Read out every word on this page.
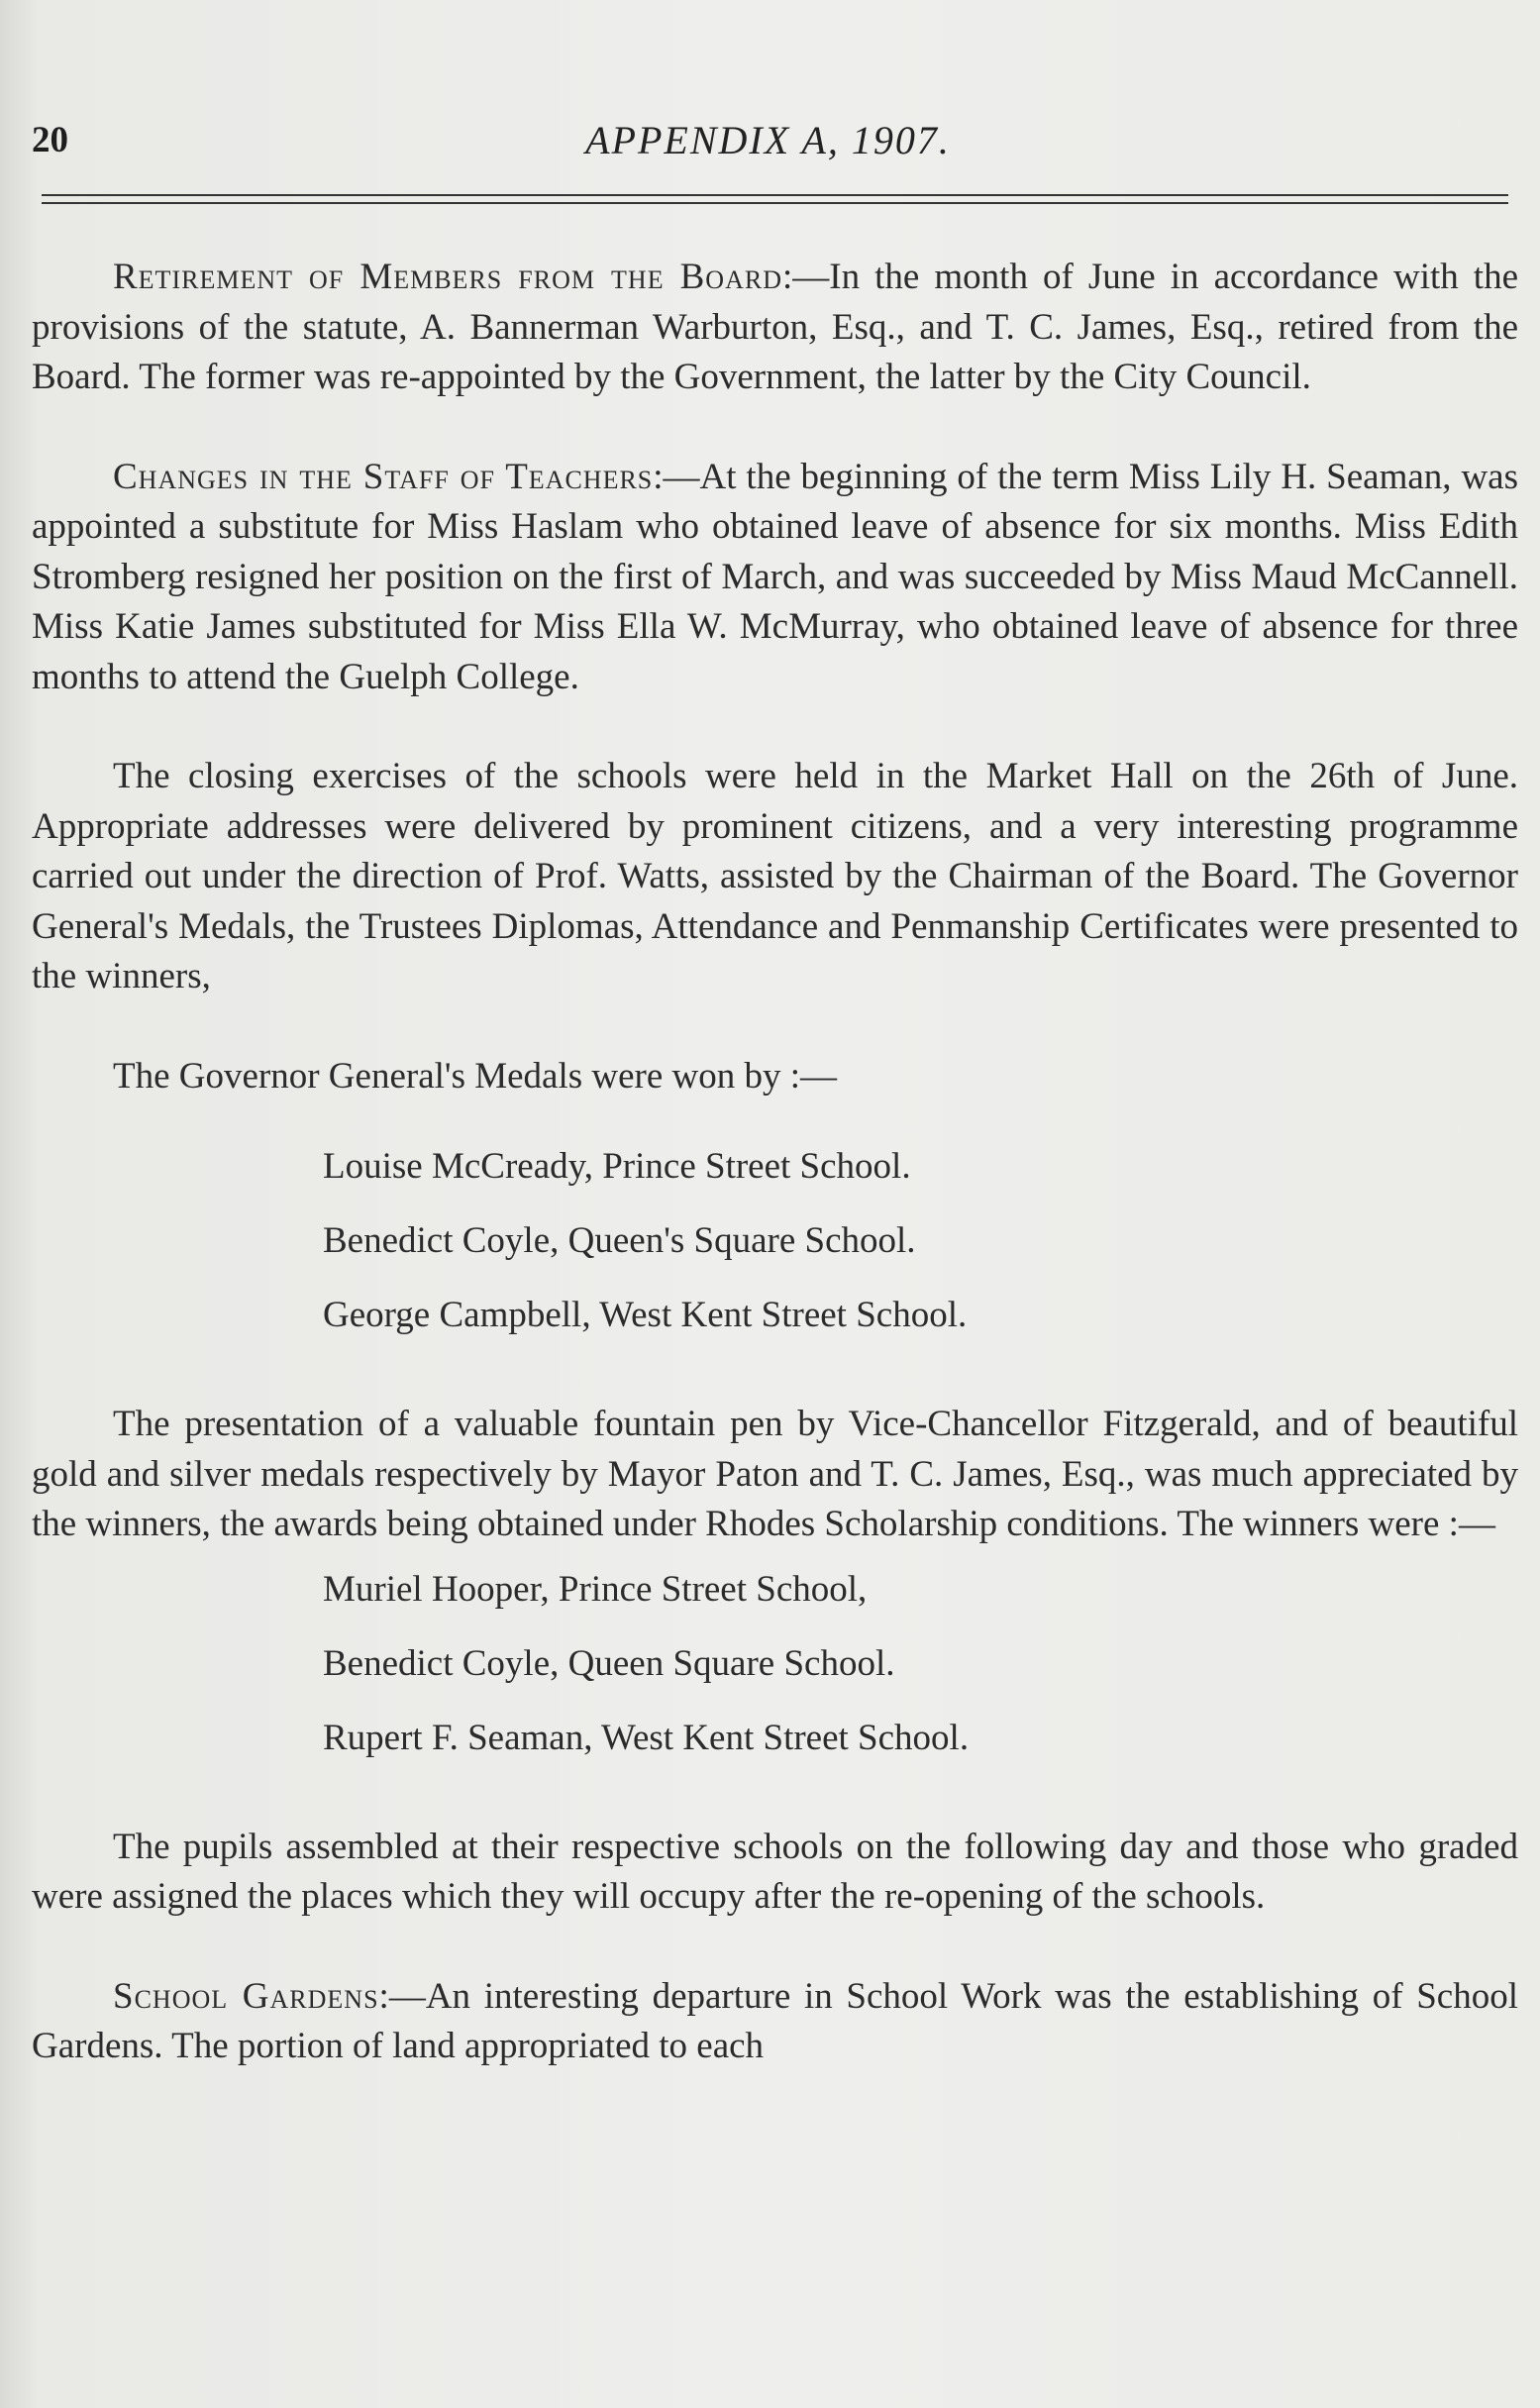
20	APPENDIX A, 1907.

Retirement of Members from the Board:—In the month of June in accordance with the provisions of the statute, A. Bannerman Warburton, Esq., and T. C. James, Esq., retired from the Board. The former was re-appointed by the Government, the latter by the City Council.

Changes in the Staff of Teachers:—At the beginning of the term Miss Lily H. Seaman, was appointed a substitute for Miss Haslam who obtained leave of absence for six months. Miss Edith Stromberg resigned her position on the first of March, and was succeeded by Miss Maud McCannell. Miss Katie James substituted for Miss Ella W. McMurray, who obtained leave of absence for three months to attend the Guelph College.

The closing exercises of the schools were held in the Market Hall on the 26th of June. Appropriate addresses were delivered by prominent citizens, and a very interesting programme carried out under the direction of Prof. Watts, assisted by the Chairman of the Board. The Governor General's Medals, the Trustees Diplomas, Attendance and Penmanship Certificates were presented to the winners,

The Governor General's Medals were won by :—

Louise McCready, Prince Street School.
Benedict Coyle, Queen's Square School.
George Campbell, West Kent Street School.

The presentation of a valuable fountain pen by Vice-Chancellor Fitzgerald, and of beautiful gold and silver medals respectively by Mayor Paton and T. C. James, Esq., was much appreciated by the winners, the awards being obtained under Rhodes Scholarship conditions. The winners were :—

Muriel Hooper, Prince Street School,
Benedict Coyle, Queen Square School.
Rupert F. Seaman, West Kent Street School.

The pupils assembled at their respective schools on the following day and those who graded were assigned the places which they will occupy after the re-opening of the schools.

School Gardens:—An interesting departure in School Work was the establishing of School Gardens. The portion of land appropriated to each
